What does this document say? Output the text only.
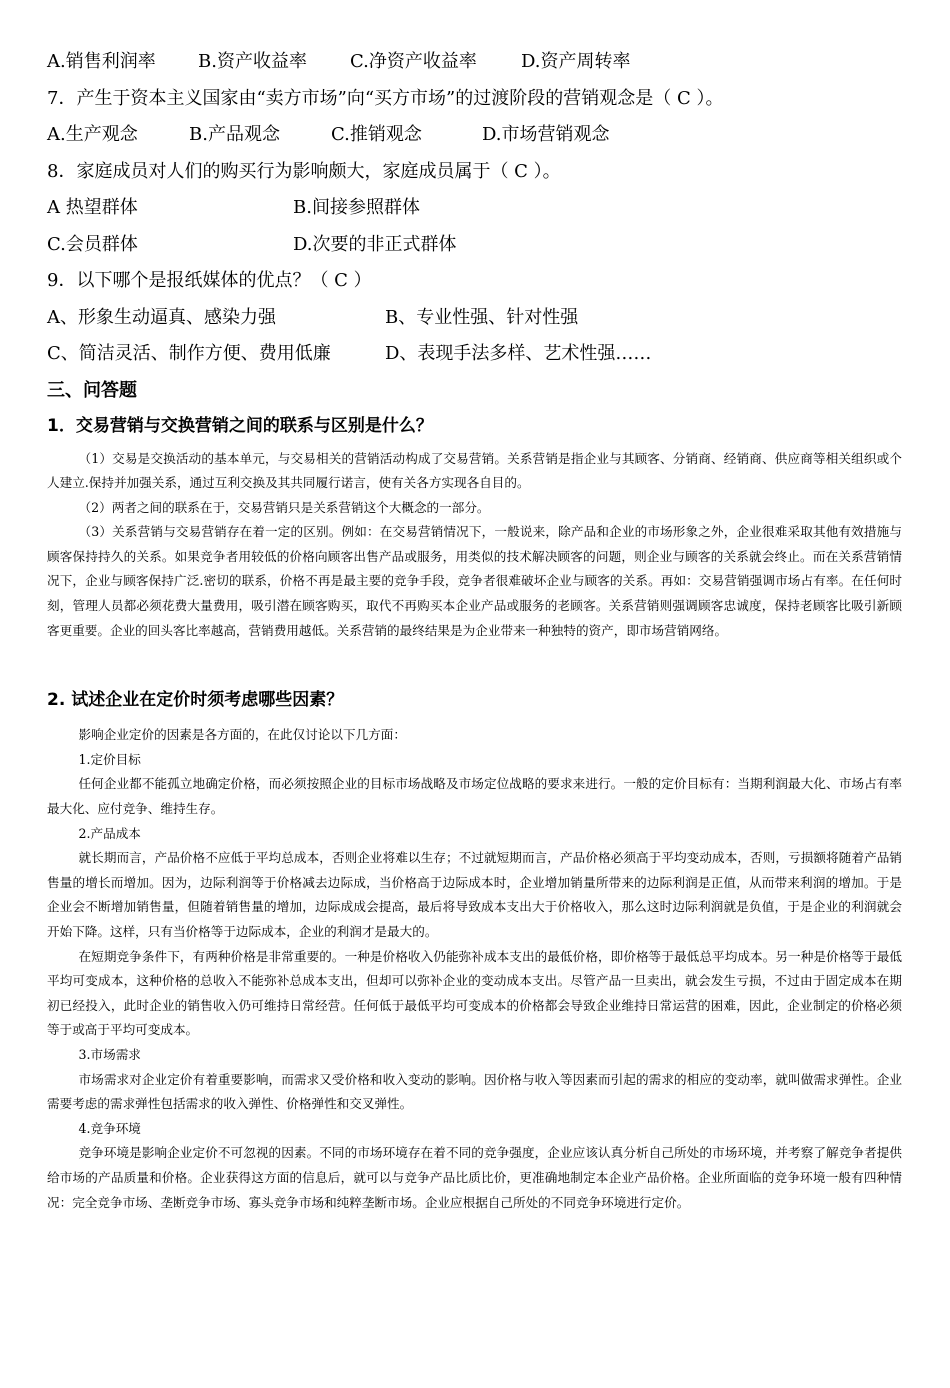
A.销售利润率 B.资产收益率 C.净资产收益率 D.资产周转率
7．产生于资本主义国家由“卖方市场”向“买方市场”的过渡阶段的营销观念是（ C ）。
A.生产观念	B.产品观念	C.推销观念	D.市场营销观念
8．家庭成员对人们的购买行为影响颇大，家庭成员属于（ C ）。
A 热望群体	B.间接参照群体
C.会员群体	D.次要的非正式群体
9．以下哪个是报纸媒体的优点？（ C ）
A、形象生动逼真、感染力强	B、专业性强、针对性强
C、简洁灵活、制作方便、费用低廉	D、表现手法多样、艺术性强……
三、问答题
1．交易营销与交换营销之间的联系与区别是什么？

（1）交易是交换活动的基本单元，与交易相关的营销活动构成了交易营销。关系营销是指企业与其顾客、分销商、经销商、供应商等相关组织或个人建立.保持并加强关系，通过互利交换及其共同履行诺言，使有关各方实现各自目的。

（2）两者之间的联系在于，交易营销只是关系营销这个大概念的一部分。

（3）关系营销与交易营销存在着一定的区别。例如：在交易营销情况下，一般说来，除产品和企业的市场形象之外，企业很难采取其他有效措施与顾客保持持久的关系。如果竞争者用较低的价格向顾客出售产品或服务，用类似的技术解决顾客的问题，则企业与顾客的关系就会终止。而在关系营销情况下，企业与顾客保持广泛.密切的联系，价格不再是最主要的竞争手段，竞争者很难破坏企业与顾客的关系。再如：交易营销强调市场占有率。在任何时刻，管理人员都必须花费大量费用，吸引潜在顾客购买，取代不再购买本企业产品或服务的老顾客。关系营销则强调顾客忠诚度，保持老顾客比吸引新顾客更重要。企业的回头客比率越高，营销费用越低。关系营销的最终结果是为企业带来一种独特的资产，即市场营销网络。

2. 试述企业在定价时须考虑哪些因素？

影响企业定价的因素是各方面的，在此仅讨论以下几方面：

1.定价目标

任何企业都不能孤立地确定价格，而必须按照企业的目标市场战略及市场定位战略的要求来进行。一般的定价目标有：当期利润最大化、市场占有率最大化、应付竞争、维持生存。

2.产品成本

就长期而言，产品价格不应低于平均总成本，否则企业将难以生存；不过就短期而言，产品价格必须高于平均变动成本，否则，亏损额将随着产品销售量的增长而增加。因为，边际利润等于价格减去边际成，当价格高于边际成本时，企业增加销量所带来的边际利润是正值，从而带来利润的增加。于是企业会不断增加销售量，但随着销售量的增加，边际成成会提高，最后将导致成本支出大于价格收入，那么这时边际利润就是负值，于是企业的利润就会开始下降。这样，只有当价格等于边际成本，企业的利润才是最大的。

在短期竞争条件下，有两种价格是非常重要的。一种是价格收入仍能弥补成本支出的最低价格，即价格等于最低总平均成本。另一种是价格等于最低平均可变成本，这种价格的总收入不能弥补总成本支出，但却可以弥补企业的变动成本支出。尽管产品一旦卖出，就会发生亏损，不过由于固定成本在期初已经投入，此时企业的销售收入仍可维持日常经营。任何低于最低平均可变成本的价格都会导致企业维持日常运营的困难，因此，企业制定的价格必须等于或高于平均可变成本。

3.市场需求

市场需求对企业定价有着重要影响，而需求又受价格和收入变动的影响。因价格与收入等因素而引起的需求的相应的变动率，就叫做需求弹性。企业需要考虑的需求弹性包括需求的收入弹性、价格弹性和交叉弹性。

4.竞争环境

竞争环境是影响企业定价不可忽视的因素。不同的市场环境存在着不同的竞争强度，企业应该认真分析自己所处的市场环境，并考察了解竞争者提供给市场的产品质量和价格。企业获得这方面的信息后，就可以与竞争产品比质比价，更准确地制定本企业产品价格。企业所面临的竞争环境一般有四种情况：完全竞争市场、垄断竞争市场、寡头竞争市场和纯粹垄断市场。企业应根据自己所处的不同竞争环境进行定价。
